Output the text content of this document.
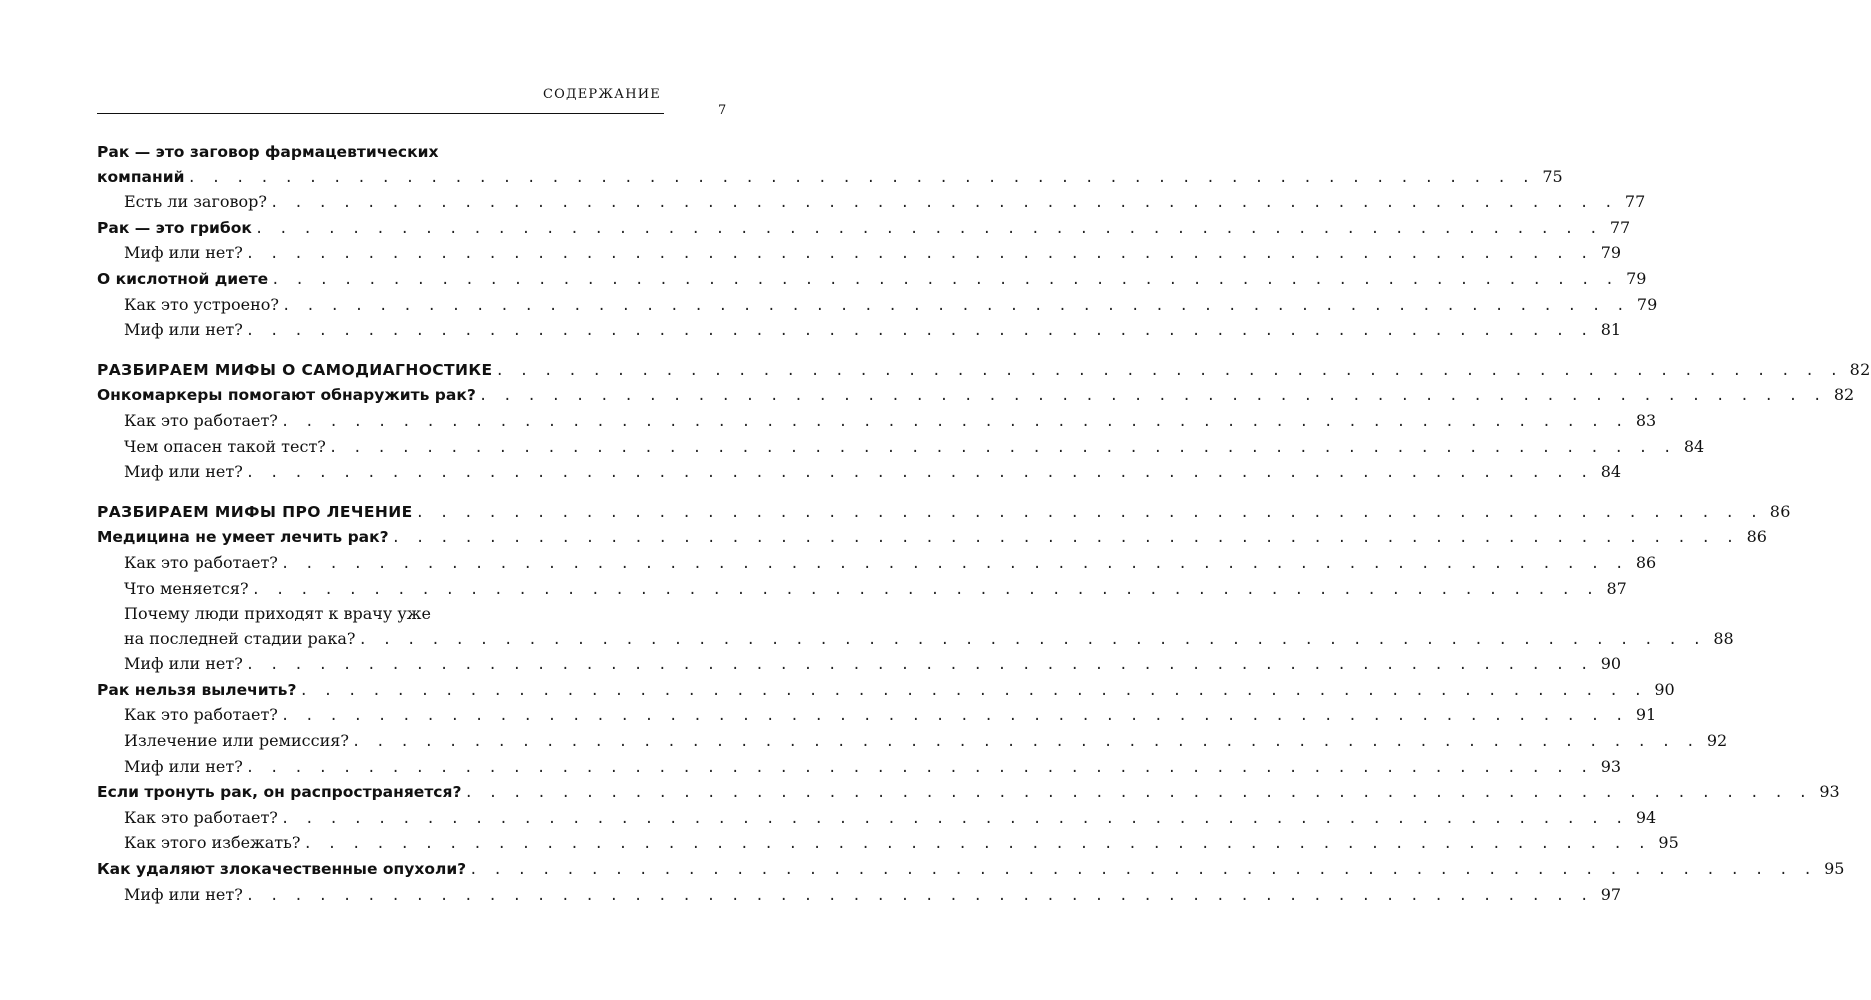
СОДЕРЖАНИЕ
7
Рак — это заговор фармацевтических
компаний . . . . . . . . . . . . . . . . . . . . . . . . . . . . . . . . . . . . . . . . . . . . . . . . . . . . . . . . 75
Есть ли заговор? . . . . . . . . . . . . . . . . . . . . . . . . . . . . . . . . . . . . . . . . . . . . . . . . . . . . . . . . 77
Рак — это грибок . . . . . . . . . . . . . . . . . . . . . . . . . . . . . . . . . . . . . . . . . . . . . . . . . . . . . . . . 77
Миф или нет? . . . . . . . . . . . . . . . . . . . . . . . . . . . . . . . . . . . . . . . . . . . . . . . . . . . . . . . . 79
О кислотной диете . . . . . . . . . . . . . . . . . . . . . . . . . . . . . . . . . . . . . . . . . . . . . . . . . . . . . . . . 79
Как это устроено? . . . . . . . . . . . . . . . . . . . . . . . . . . . . . . . . . . . . . . . . . . . . . . . . . . . . . . . . 79
Миф или нет? . . . . . . . . . . . . . . . . . . . . . . . . . . . . . . . . . . . . . . . . . . . . . . . . . . . . . . . . 81
РАЗБИРАЕМ МИФЫ О САМОДИАГНОСТИКЕ . . . . . . . . . . . . . . . . . . . . . . . . . . . . . . . . . . . . . . . . . . . . . . . . . . . . . . . . 82
Онкомаркеры помогают обнаружить рак? . . . . . . . . . . . . . . . . . . . . . . . . . . . . . . . . . . . . . . . . . . . . . . . . . . . . . . . . 82
Как это работает? . . . . . . . . . . . . . . . . . . . . . . . . . . . . . . . . . . . . . . . . . . . . . . . . . . . . . . . . 83
Чем опасен такой тест? . . . . . . . . . . . . . . . . . . . . . . . . . . . . . . . . . . . . . . . . . . . . . . . . . . . . . . . . 84
Миф или нет? . . . . . . . . . . . . . . . . . . . . . . . . . . . . . . . . . . . . . . . . . . . . . . . . . . . . . . . . 84
РАЗБИРАЕМ МИФЫ ПРО ЛЕЧЕНИЕ . . . . . . . . . . . . . . . . . . . . . . . . . . . . . . . . . . . . . . . . . . . . . . . . . . . . . . . . 86
Медицина не умеет лечить рак? . . . . . . . . . . . . . . . . . . . . . . . . . . . . . . . . . . . . . . . . . . . . . . . . . . . . . . . . 86
Как это работает? . . . . . . . . . . . . . . . . . . . . . . . . . . . . . . . . . . . . . . . . . . . . . . . . . . . . . . . . 86
Что меняется? . . . . . . . . . . . . . . . . . . . . . . . . . . . . . . . . . . . . . . . . . . . . . . . . . . . . . . . . 87
Почему люди приходят к врачу уже
на последней стадии рака? . . . . . . . . . . . . . . . . . . . . . . . . . . . . . . . . . . . . . . . . . . . . . . . . . . . . . . . . 88
Миф или нет? . . . . . . . . . . . . . . . . . . . . . . . . . . . . . . . . . . . . . . . . . . . . . . . . . . . . . . . . 90
Рак нельзя вылечить? . . . . . . . . . . . . . . . . . . . . . . . . . . . . . . . . . . . . . . . . . . . . . . . . . . . . . . . . 90
Как это работает? . . . . . . . . . . . . . . . . . . . . . . . . . . . . . . . . . . . . . . . . . . . . . . . . . . . . . . . . 91
Излечение или ремиссия? . . . . . . . . . . . . . . . . . . . . . . . . . . . . . . . . . . . . . . . . . . . . . . . . . . . . . . . . 92
Миф или нет? . . . . . . . . . . . . . . . . . . . . . . . . . . . . . . . . . . . . . . . . . . . . . . . . . . . . . . . . 93
Если тронуть рак, он распространяется? . . . . . . . . . . . . . . . . . . . . . . . . . . . . . . . . . . . . . . . . . . . . . . . . . . . . . . . . 93
Как это работает? . . . . . . . . . . . . . . . . . . . . . . . . . . . . . . . . . . . . . . . . . . . . . . . . . . . . . . . . 94
Как этого избежать? . . . . . . . . . . . . . . . . . . . . . . . . . . . . . . . . . . . . . . . . . . . . . . . . . . . . . . . . 95
Как удаляют злокачественные опухоли? . . . . . . . . . . . . . . . . . . . . . . . . . . . . . . . . . . . . . . . . . . . . . . . . . . . . . . . . 95
Миф или нет? . . . . . . . . . . . . . . . . . . . . . . . . . . . . . . . . . . . . . . . . . . . . . . . . . . . . . . . . 97
